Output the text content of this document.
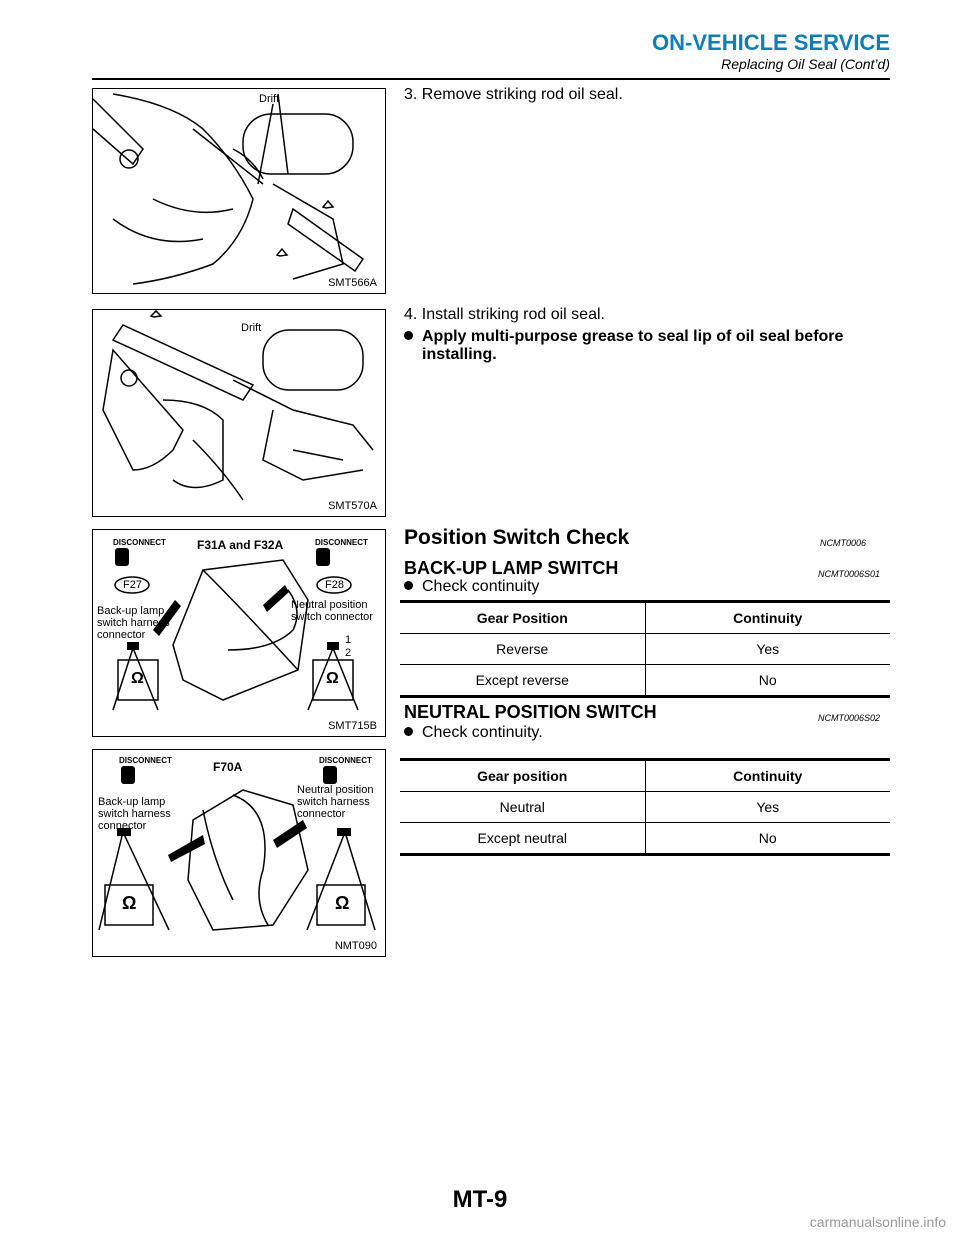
ON-VEHICLE SERVICE
Replacing Oil Seal (Cont’d)
Drift
SMT566A
Drift
SMT570A
DISCONNECT	DISCONNECT
F31A and F32A
F27	F28
Back-up lamp
switch harness
connector
Neutral position
switch connector
1
2
Ω	Ω
SMT715B
DISCONNECT	DISCONNECT
F70A
Back-up lamp
switch harness
connector
Neutral position
switch harness
connector
Ω	Ω
NMT090
3. Remove striking rod oil seal.
4. Install striking rod oil seal.
Apply multi-purpose grease to seal lip of oil seal before installing.
Position Switch Check	NCMT0006
BACK-UP LAMP SWITCH	NCMT0006S01
Check continuity
Gear Position	Continuity
Reverse	Yes
Except reverse	No
NEUTRAL POSITION SWITCH	NCMT0006S02
Check continuity.
Gear position	Continuity
Neutral	Yes
Except neutral	No
MT-9
carmanualsonline.info
